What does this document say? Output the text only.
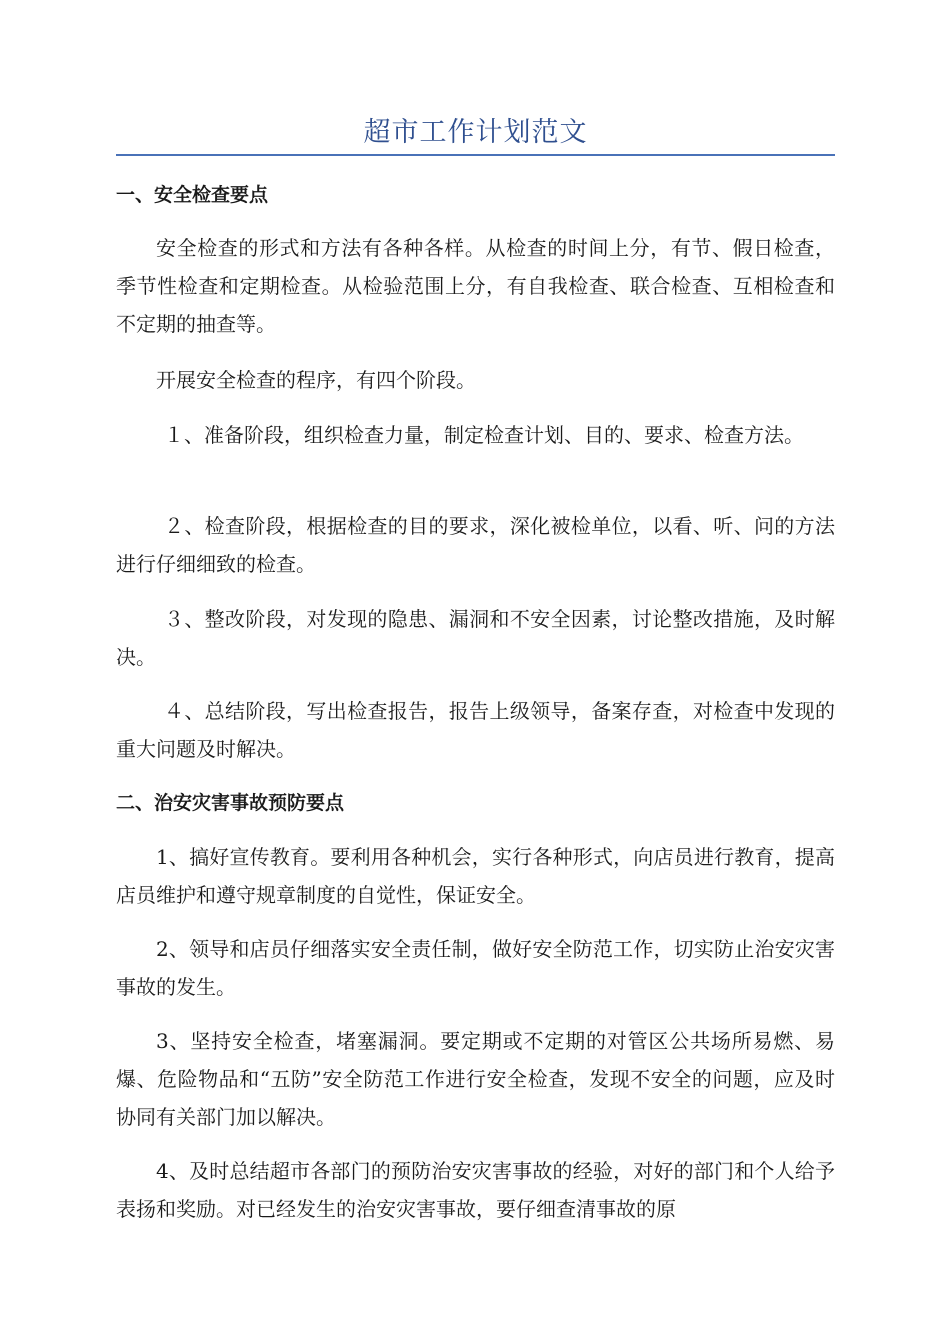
超市工作计划范文
一、安全检查要点
安全检查的形式和方法有各种各样。从检查的时间上分，有节、假日检查，季节性检查和定期检查。从检验范围上分，有自我检查、联合检查、互相检查和不定期的抽查等。
开展安全检查的程序，有四个阶段。
１、准备阶段，组织检查力量，制定检查计划、目的、要求、检查方法。
２、检查阶段，根据检查的目的要求，深化被检单位，以看、听、问的方法进行仔细细致的检查。
３、整改阶段，对发现的隐患、漏洞和不安全因素，讨论整改措施，及时解决。
４、总结阶段，写出检查报告，报告上级领导，备案存查，对检查中发现的重大问题及时解决。
二、治安灾害事故预防要点
1、搞好宣传教育。要利用各种机会，实行各种形式，向店员进行教育，提高店员维护和遵守规章制度的自觉性，保证安全。
2、领导和店员仔细落实安全责任制，做好安全防范工作，切实防止治安灾害事故的发生。
3、坚持安全检查，堵塞漏洞。要定期或不定期的对管区公共场所易燃、易爆、危险物品和“五防”安全防范工作进行安全检查，发现不安全的问题，应及时协同有关部门加以解决。
4、及时总结超市各部门的预防治安灾害事故的经验，对好的部门和个人给予表扬和奖励。对已经发生的治安灾害事故，要仔细查清事故的原
